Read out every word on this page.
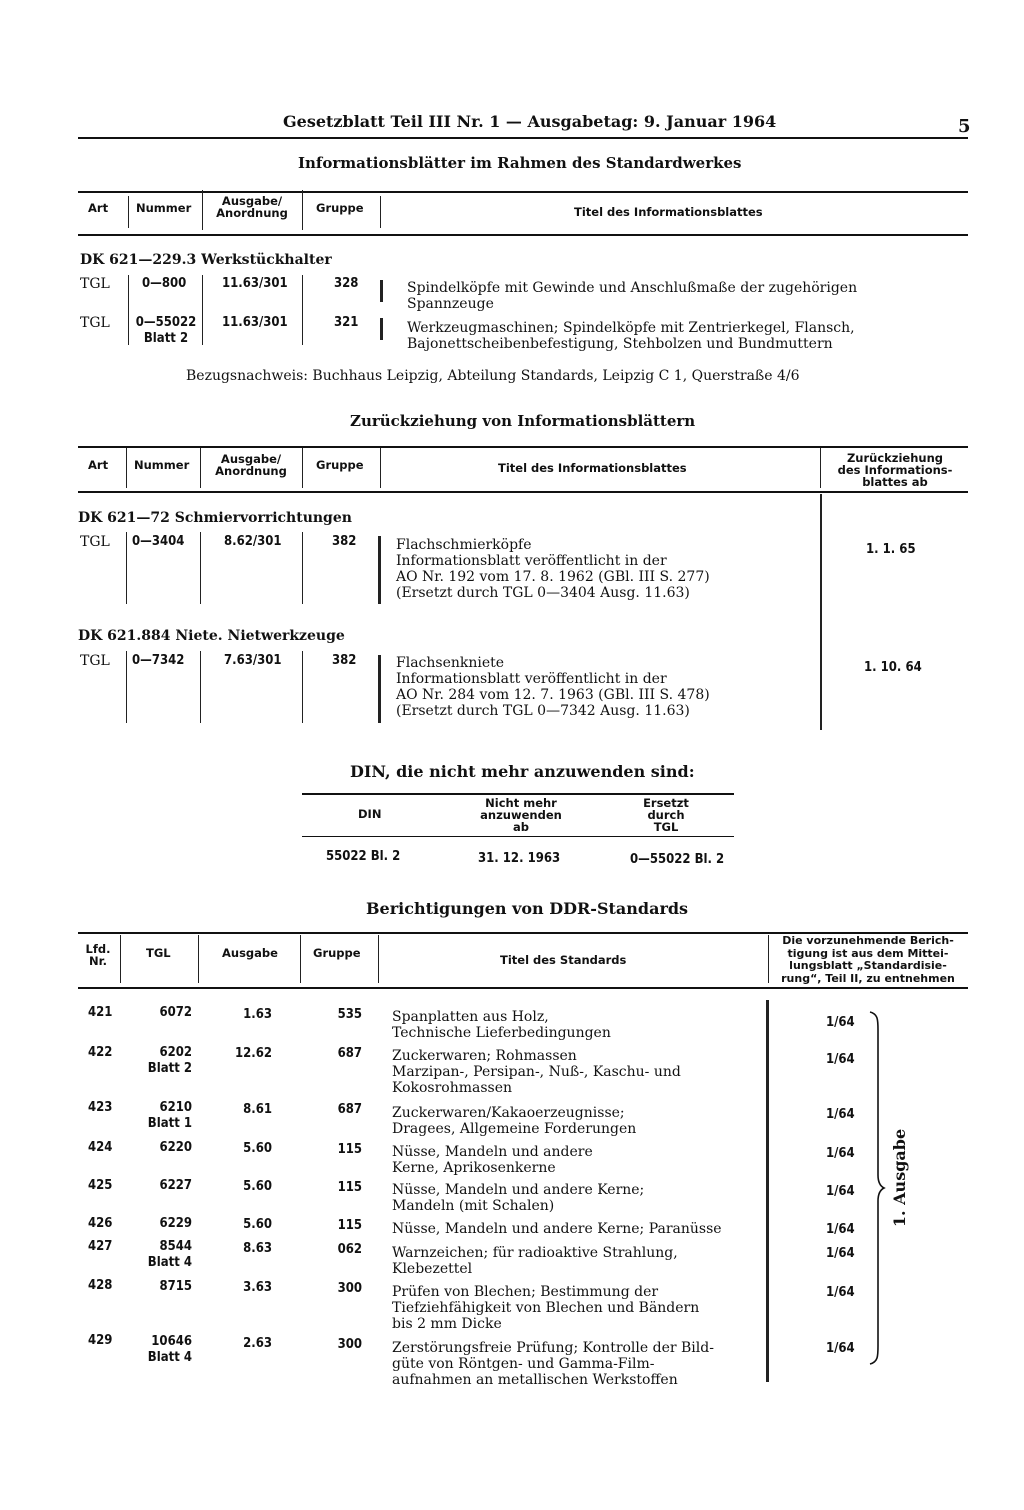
Gesetzblatt Teil III Nr. 1 — Ausgabetag: 9. Januar 1964	5
Informationsblätter im Rahmen des Standardwerkes
Art Nummer	Ausgabe/
Anordnung	Gruppe	Titel des Informationsblattes
DK 621—229.3 Werkstückhalter
TGL 0—800	11.63/301	328	Spindelköpfe mit Gewinde und Anschlußmaße der zugehörigen
Spannzeuge
TGL 0—55022
Blatt 2
11.63/301	321	Werkzeugmaschinen; Spindelköpfe mit Zentrierkegel, Flansch,
Bajonettscheibenbefestigung, Stehbolzen und Bundmuttern
Bezugsnachweis: Buchhaus Leipzig, Abteilung Standards, Leipzig C 1, Querstraße 4/6
Zurückziehung von Informationsblättern
Art Nummer	Ausgabe/
Anordnung	Gruppe	Titel des Informationsblattes
Zurückziehung
des Informations-
blattes ab
DK 621—72 Schmiervorrichtungen
TGL 0—3404	8.62/301	382	Flachschmierköpfe
Informationsblatt veröffentlicht in der
AO Nr. 192 vom 17. 8. 1962 (GBl. III S. 277)
(Ersetzt durch TGL 0—3404 Ausg. 11.63)
1. 1. 65
DK 621.884 Niete. Nietwerkzeuge
TGL 0—7342	7.63/301	382	Flachsenkniete
Informationsblatt veröffentlicht in der
AO Nr. 284 vom 12. 7. 1963 (GBl. III S. 478)
(Ersetzt durch TGL 0—7342 Ausg. 11.63)
1. 10. 64
DIN, die nicht mehr anzuwenden sind:
DIN
Nicht mehr
anzuwenden
ab
Ersetzt
durch
TGL
55022 Bl. 2	31. 12. 1963	0—55022 Bl. 2
Berichtigungen von DDR-Standards
Lfd.
Nr.
TGL	Ausgabe	Gruppe	Titel des Standards
Die vorzunehmende Berich-
tigung ist aus dem Mittei-
lungsblatt „Standardisie-
rung“, Teil II, zu entnehmen
421	6072	1.63	535 Spanplatten aus Holz,
Technische Lieferbedingungen
1/64
422	6202
Blatt 2
12.62	687 Zuckerwaren; Rohmassen
Marzipan-, Persipan-, Nuß-, Kaschu- und
Kokosrohmassen
1/64
423	6210
Blatt 1
8.61	687 Zuckerwaren/Kakaoerzeugnisse;
Dragees, Allgemeine Forderungen
1/64
424	6220	5.60	115 Nüsse, Mandeln und andere
Kerne, Aprikosenkerne
1/64
425	6227	5.60	115 Nüsse, Mandeln und andere Kerne;
Mandeln (mit Schalen)
1/64
426	6229	5.60	115 Nüsse, Mandeln und andere Kerne; Paranüsse	1/64
427	8544
Blatt 4
8.63	062 Warnzeichen; für radioaktive Strahlung,
Klebezettel
1/64
428	8715	3.63	300 Prüfen von Blechen; Bestimmung der
Tiefziehfähigkeit von Blechen und Bändern
bis 2 mm Dicke
1/64
429	10646
Blatt 4
2.63	300 Zerstörungsfreie Prüfung; Kontrolle der Bild-
güte von Röntgen- und Gamma-Film-
aufnahmen an metallischen Werkstoffen
1/64
1. Ausgabe
